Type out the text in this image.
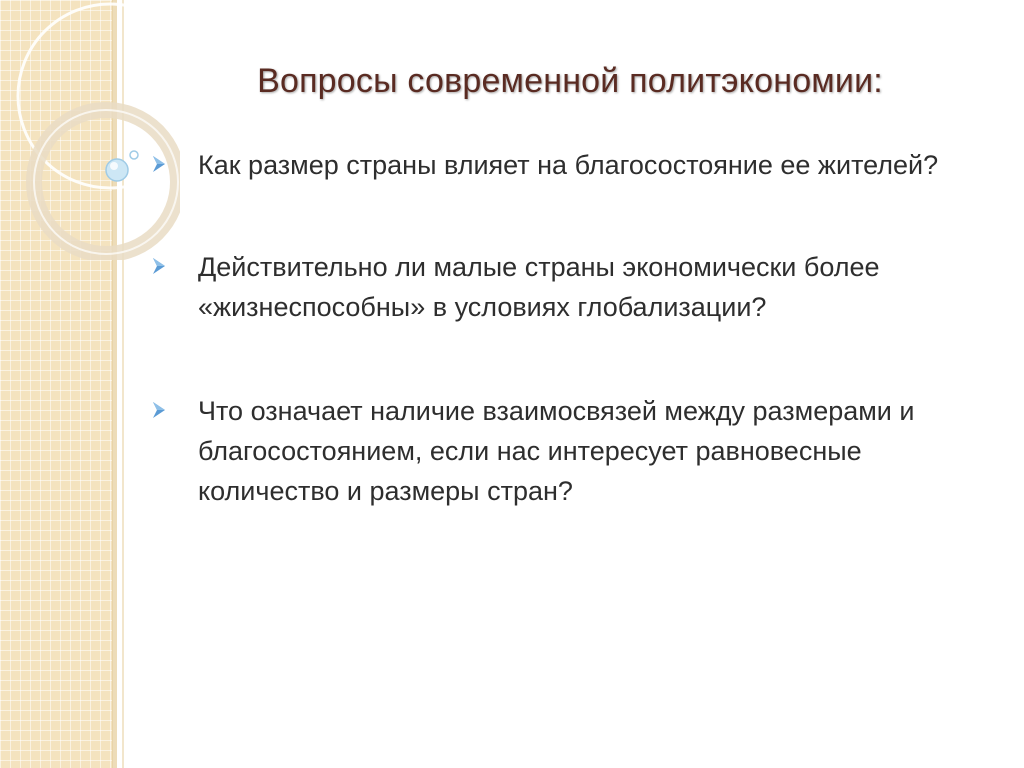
Вопросы современной политэкономии:
Как размер страны влияет на благосостояние ее жителей?
Действительно ли малые страны экономически более «жизнеспособны» в условиях глобализации?
Что означает наличие взаимосвязей между размерами и благосостоянием, если нас интересует равновесные количество и размеры стран?
